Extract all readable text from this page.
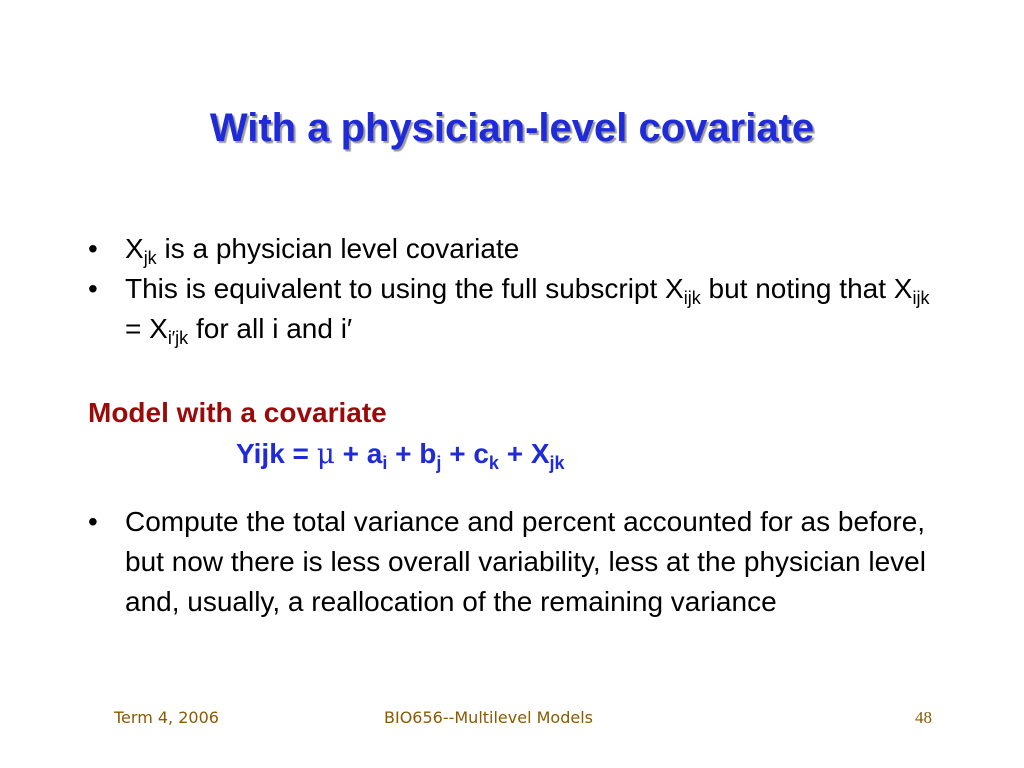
With a physician-level covariate
• $X_{jk}$ is a physician level covariate
• This is equivalent to using the full subscript $X_{ijk}$ but noting that $X_{ijk} = X_{i'jk}$ for all i and i′

Model with a covariate

Yijk = $\mu + a_i + b_j + c_k + X_{jk}$
• Compute the total variance and percent accounted for as before, but now there is less overall variability, less at the physician level and, usually, a reallocation of the remaining variance
Term 4, 2006	BIO656--Multilevel Models	48
